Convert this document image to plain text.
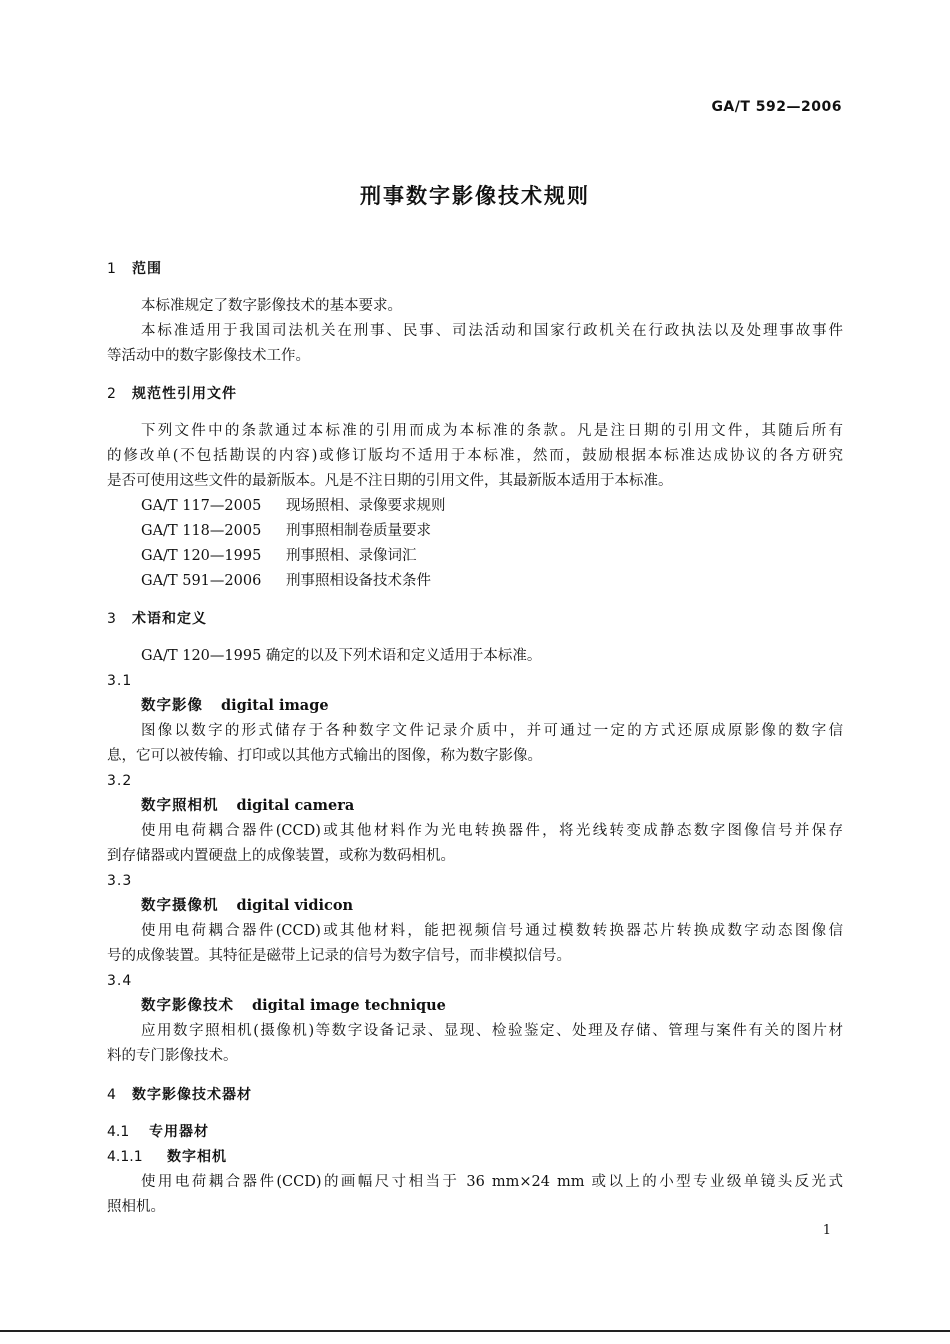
GA/T 592—2006
刑事数字影像技术规则
1 范围
本标准规定了数字影像技术的基本要求。
本标准适用于我国司法机关在刑事、民事、司法活动和国家行政机关在行政执法以及处理事故事件
等活动中的数字影像技术工作。
2 规范性引用文件
下列文件中的条款通过本标准的引用而成为本标准的条款。凡是注日期的引用文件，其随后所有
的修改单(不包括勘误的内容)或修订版均不适用于本标准，然而，鼓励根据本标准达成协议的各方研究
是否可使用这些文件的最新版本。凡是不注日期的引用文件，其最新版本适用于本标准。
GA/T 117—2005 现场照相、录像要求规则
GA/T 118—2005 刑事照相制卷质量要求
GA/T 120—1995 刑事照相、录像词汇
GA/T 591—2006 刑事照相设备技术条件
3 术语和定义
GA/T 120—1995 确定的以及下列术语和定义适用于本标准。
3.1
数字影像 digital image
图像以数字的形式储存于各种数字文件记录介质中，并可通过一定的方式还原成原影像的数字信
息，它可以被传输、打印或以其他方式输出的图像，称为数字影像。
3.2
数字照相机 digital camera
使用电荷耦合器件(CCD)或其他材料作为光电转换器件，将光线转变成静态数字图像信号并保存
到存储器或内置硬盘上的成像装置，或称为数码相机。
3.3
数字摄像机 digital vidicon
使用电荷耦合器件(CCD)或其他材料，能把视频信号通过模数转换器芯片转换成数字动态图像信
号的成像装置。其特征是磁带上记录的信号为数字信号，而非模拟信号。
3.4
数字影像技术 digital image technique
应用数字照相机(摄像机)等数字设备记录、显现、检验鉴定、处理及存储、管理与案件有关的图片材
料的专门影像技术。
4 数字影像技术器材
4.1 专用器材
4.1.1 数字相机
使用电荷耦合器件(CCD)的画幅尺寸相当于 36 mm×24 mm 或以上的小型专业级单镜头反光式
照相机。
1
